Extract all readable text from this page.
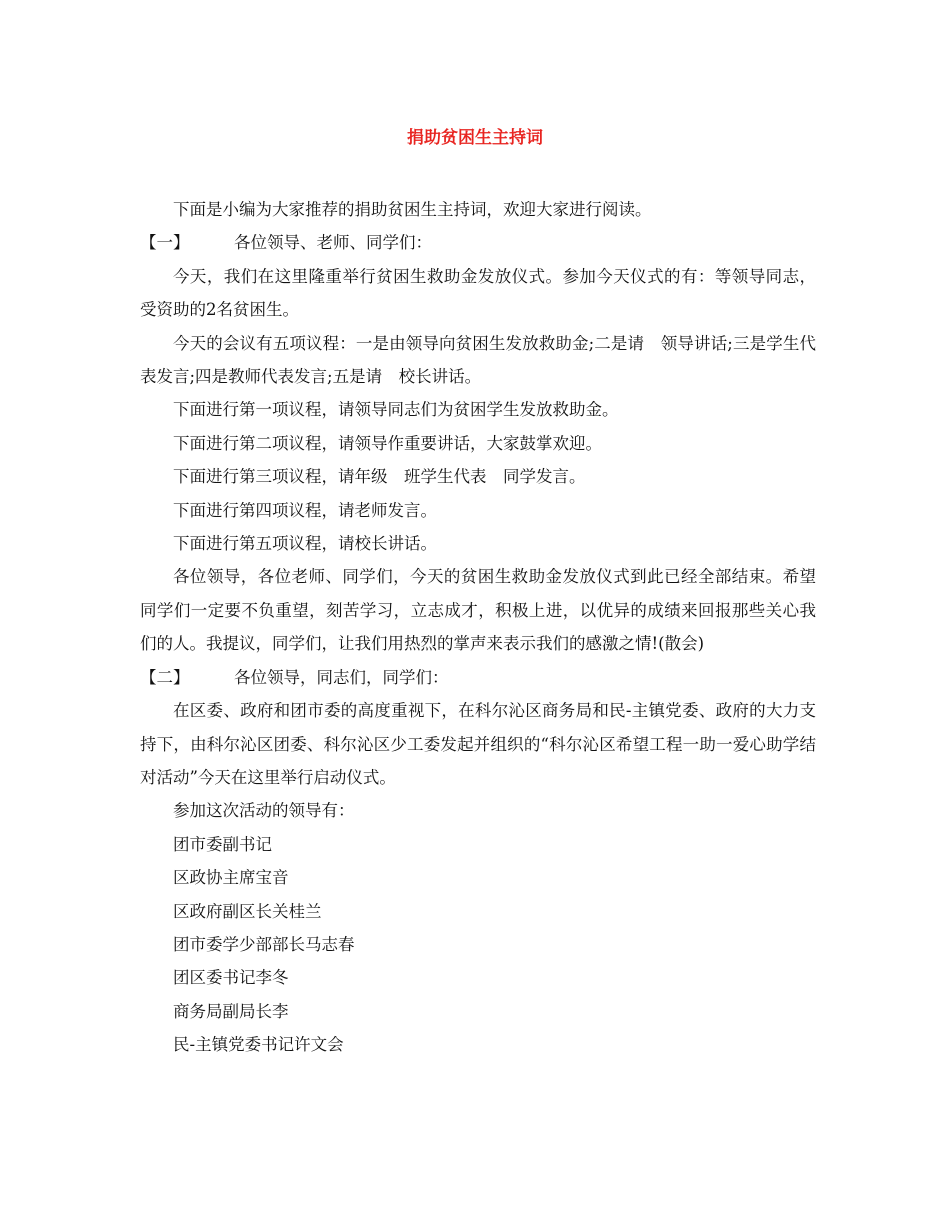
捐助贫困生主持词

下面是小编为大家推荐的捐助贫困生主持词，欢迎大家进行阅读。

【一】	各位领导、老师、同学们：

今天，我们在这里隆重举行贫困生救助金发放仪式。参加今天仪式的有：等领导同志，受资助的2名贫困生。

今天的会议有五项议程：一是由领导向贫困生发放救助金;二是请　领导讲话;三是学生代表发言;四是教师代表发言;五是请　校长讲话。

下面进行第一项议程，请领导同志们为贫困学生发放救助金。

下面进行第二项议程，请领导作重要讲话，大家鼓掌欢迎。

下面进行第三项议程，请年级　班学生代表　同学发言。

下面进行第四项议程，请老师发言。

下面进行第五项议程，请校长讲话。

各位领导，各位老师、同学们，今天的贫困生救助金发放仪式到此已经全部结束。希望同学们一定要不负重望，刻苦学习，立志成才，积极上进，以优异的成绩来回报那些关心我们的人。我提议，同学们，让我们用热烈的掌声来表示我们的感激之情!(散会)

【二】	各位领导，同志们，同学们：

在区委、政府和团市委的高度重视下，在科尔沁区商务局和民-主镇党委、政府的大力支持下，由科尔沁区团委、科尔沁区少工委发起并组织的“科尔沁区希望工程一助一爱心助学结对活动”今天在这里举行启动仪式。

参加这次活动的领导有：

团市委副书记

区政协主席宝音

区政府副区长关桂兰

团市委学少部部长马志春

团区委书记李冬

商务局副局长李

民-主镇党委书记许文会
